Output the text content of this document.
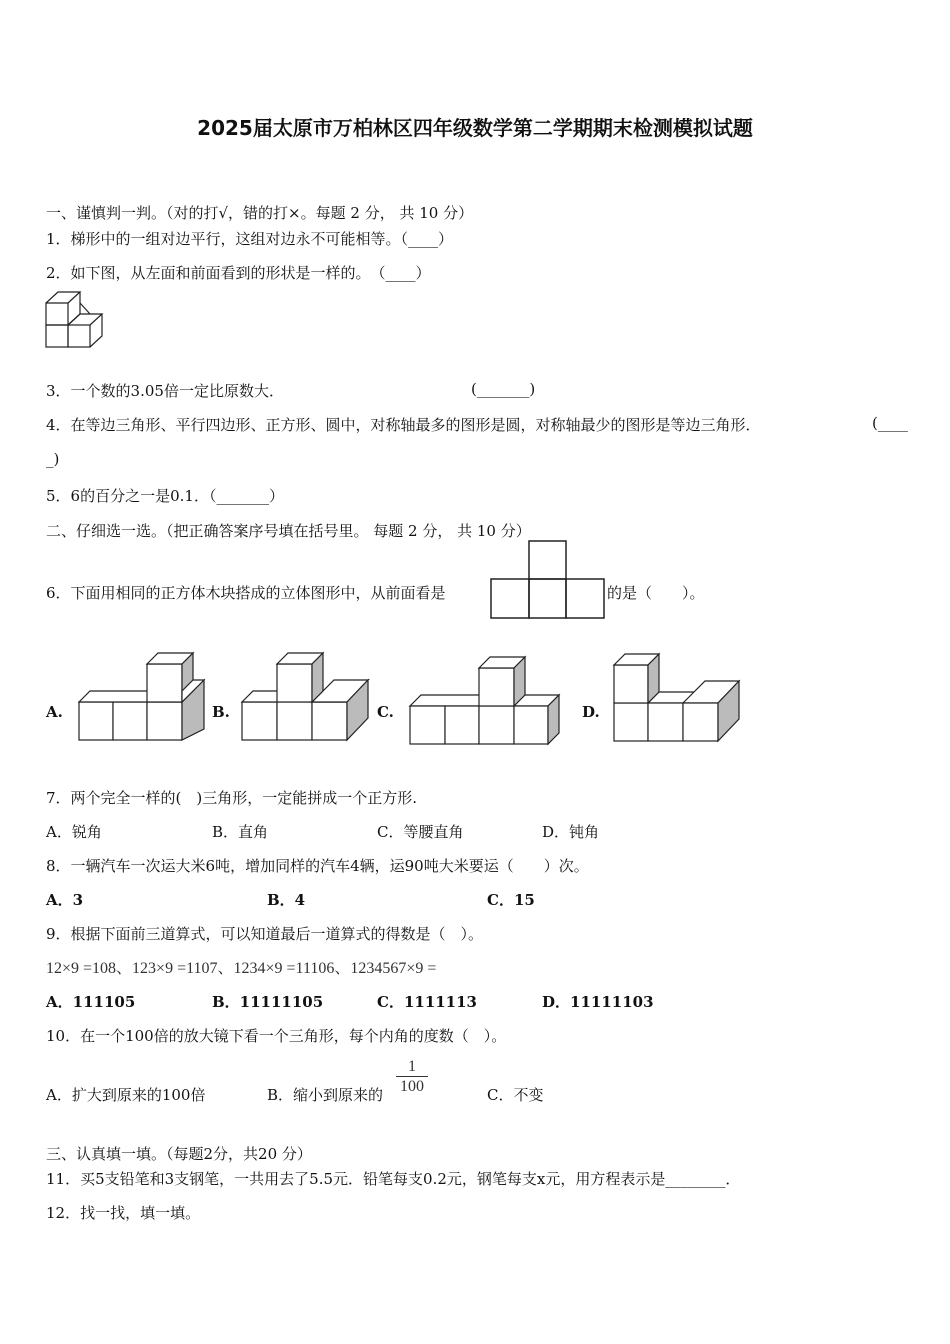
2025届太原市万柏林区四年级数学第二学期期末检测模拟试题
一、谨慎判一判。（对的打√，错的打×。每题 2 分， 共 10 分）
1．梯形中的一组对边平行，这组对边永不可能相等。（____）
2．如下图，从左面和前面看到的形状是一样的。　（____）
3．一个数的3.05倍一定比原数大．	(_______)
4．在等边三角形、平行四边形、正方形、圆中，对称轴最多的图形是圆，对称轴最少的图形是等边三角形．	(____
_)
5．6的百分之一是0.1．（_______）
二、仔细选一选。（把正确答案序号填在括号里。 每题 2 分， 共 10 分）
6．下面用相同的正方体木块搭成的立体图形中，从前面看是	的是（　　）。
A.	B.	C.	D.
7．两个完全一样的(　)三角形，一定能拼成一个正方形.
A．锐角	B．直角	C．等腰直角	D．钝角
8．一辆汽车一次运大米6吨，增加同样的汽车4辆，运90吨大米要运（　　）次。
A．3	B．4	C．15
9．根据下面前三道算式，可以知道最后一道算式的得数是（　）。
12×9 =108、123×9 =1107、1234×9 =11106、1234567×9 =
A．111105	B．11111105	C．1111113	D．11111103
10．在一个100倍的放大镜下看一个三角形，每个内角的度数（　）。
A．扩大到原来的100倍	B．缩小到原来的 $\frac{1}{100}$	C．不变
三、认真填一填。（每题2分，共20 分）
11．买5支铅笔和3支钢笔，一共用去了5.5元．铅笔每支0.2元，钢笔每支x元，用方程表示是________．
12．找一找，填一填。
